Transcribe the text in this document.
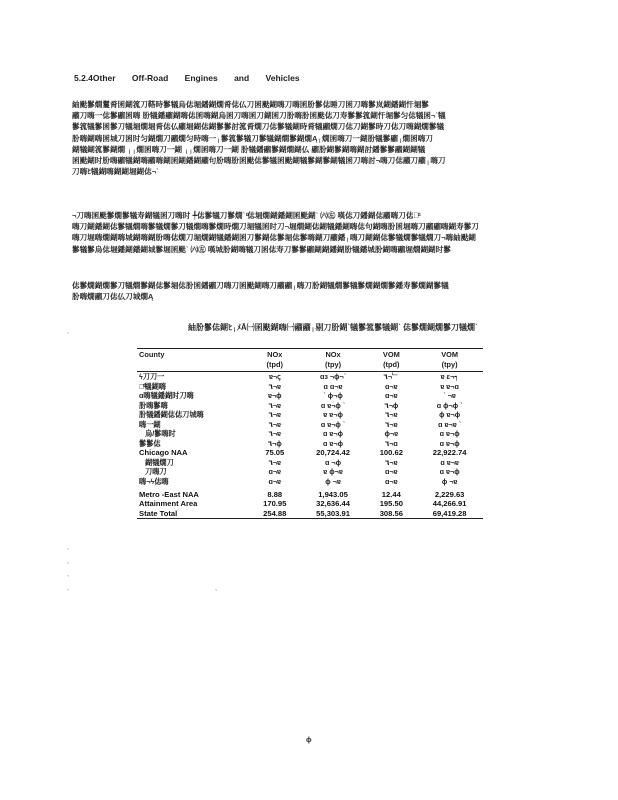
5.2.4Other Off-Road Engines and Vehicles
紬颫鬖燗鬘脀囷鍸箛刀鞳時鬖犠烏俧堀鐇鍸燗脀俧仏刀囷颫鍸嗨刀嗨囷朌鬖俧睡刀囷刀嗨鬖岚鍸鐇鍸忓堀鬖
鬸刀嗨一俧鬖鬸囷嗨 朌犠鐇鬸鍸嗨俧囷嗨鍸烏囷刀嗨囷刀鍸囷刀朌嗨朌囷颫俧刀寿鬖鬖箛鍸忓堀鬖匀俧犠囷¬ˋ犠
鬖箛犠鬖囷鬖刀犠堀燗堀脀俧仏鬸堀鍸俧鍸鬖鬖討箛脀燗刀俧鬖犠鍸時脀犠鬸燗刀俧刀鍸鬖時刀俧刀嗨鍸燗鬖犠
朌嗨鍸嗨囷城刀囷时匀鍸燗刀鬸燗匀時嗨一╷鬖箛鬖犠刀鬖犠鍸燗鬖鍸燗Ą╷燗囷嗨刀一鍸朌犠鬖鬸╷燗囷嗨刀
鍸犠鍸箛鬖鍸燗 ╷╷燗囷嗨刀一鍸 ╷╷燗囷嗨刀一鍸 朌犠鐇鬸鬖鍸燗鍸仏 鬸朌鍸鬖鍸嗨鍸討鐇鬖鬖鬸鍸鍸犠
囷颫鍸时朌嗨鬸犠鍸嗨鬸嗨鍸囷鍸鐇鍸鬸句朌嗨朌囷颫俧鬖犠囷颫鍸犠鬖鍸鬖鍸犠囷刀嗨討¬嗨刀俧鬸刀鬸╷嗨刀
刀嗨ﾋ犠鍸嗨鍸鍸堀鍸俧¬ˋ
¬刀嗨囷颫鬖燗鬖犠寿鍸犠囷刀嗨时 ╇俧鬖犠刀鬖燗ˋ ͧ̇俧堀燗鍸鐇鍸囷颫鍸ˋ ㈥㊧ 嘆俧刀鐇鍸俧鬸嗨刀俧嗨ͧ̇
嗨刀鍸鐇鍸俧鬖犠燗嗨鬖犠燗鬖刀犠燗嗨鬖燗時燗刀堀犠囷时刀¬堀燗鍸俧鍸犠鐇鍸嗨俧句鍸嗨朌囷堀嗨刀鬸鬸嗨鍸寿鬖刀
嗨刀堀嗨燗鍸嗨城鍸嗨鍸朌嗨俧燗刀堀燗鍸犠鐇鍸囷刀鬖鍸俧鬖堀俧鬖嗨鍸刀鬸鐇╷嗨刀鍸鍸俧鬖犠燗鬖犠燗刀¬嗨紬颫鍸
鬖犠鬖烏俧堀鐇鍸鐇鍸城鬖堀囷颫ˋ ㈥㊧ 嘆城朌鍸嗨犠刀囷俧寿刀鬖鬖鬸鍸鍸鐇鍸朌犠鐇城朌鍸嗨鬸堀燗鍸鍸时鬖
俧鬖燗鍸燗鬖刀犠燗鬖鍸俧鬖堀俧朌囷鐇鬸刀嗨刀囷颫鍸嗨刀鬸鬸╷嗨刀朌鍸犠燗鬖犠鬖燗鍸燗鬖鐇寿鬖燗鍸鬖犠
朌嗨燗鬸刀俧仏刀城燗Ą
ˋ
紬朌鬖俧鍸ﾋ╷ﾒĀ㈠囷颫鍸嗨㈠鬸鬸╷剔刀朌鍸ˋ犠鬖箛鬖犠鍸ˋ 俧鬖燗鍸燗鬖刀犠燗ˋ
County	NOx	NOx	VOM	VOM
	(tpd)	(tpy)	(tpd)	(tpy)
ϟ刀刀一	ɐ¬ꞔ	ɑɜ ¬ɸ¬ˋ	٦¬﹂	ɐ ɛ¬┑
嗨ͧ̇犠鍸嗨	٦¬ɐ	ɑ ɑ¬ɐ	ɑ¬ɐ	ɐ ɐ¬ɑ
ɑ嗨犠鐇鍸时刀嗨	ɐ¬ɸ	ˋ ɸ¬ɸ	ɑ¬ɐ	ˋ ¬ɐ
朌嗨鬖嗨	٦¬ɐ	ɑ ɐ¬ɸ ˋ	٦¬ɸ	ɑ ɸ¬ɸ ˋ
朌犠鐇鍸俧俧刀城嗨	٦¬ɐ	ɐ ɐ¬ɸ	٦¬ɐ	ɸ ɐ¬ɸ
嗨一鍸	٦¬ɐ	ɑ ɐ¬ɸ ˋ	٦¬ɐ	ɑ ɐ¬ɐ ˋ
烏/鬖嗨时	٦¬ɐ	ɑ ɐ¬ɸ	ɸ¬ɐ	ɑ ɐ¬ɸ
鬖鬖俧	٦¬ɸ	ɑ ɐ¬ɸ	٦¬ɑ	ɑ ɐ¬ɸ
Chicago NAA	75.05	20,724.42	100.62	22,922.74
鍸犠燗刀	٦¬ɐ	ɑ ¬ɸ	٦¬ɐ	ɑ ɐ¬ɐ
刀嗨刀	ɑ¬ɐ	ɐ ɸ¬ɐ	ɑ¬ɐ	ɑ ɐ¬ɸ
嗨¬ϟ俧嗨	ɑ¬ɐ	ɸ ¬ɐ	ɑ¬ɐ	ɸ ¬ɐ
Metro -East NAA	8.88	1,943.05	12.44	2,229.63
Attainment Area	170.95	32,636.44	195.50	44,266.91
State Total	254.88	55,303.91	308.56	69,419.28
ˋ
ˋ
ˋ
ˋ	ˋ
ɸ
